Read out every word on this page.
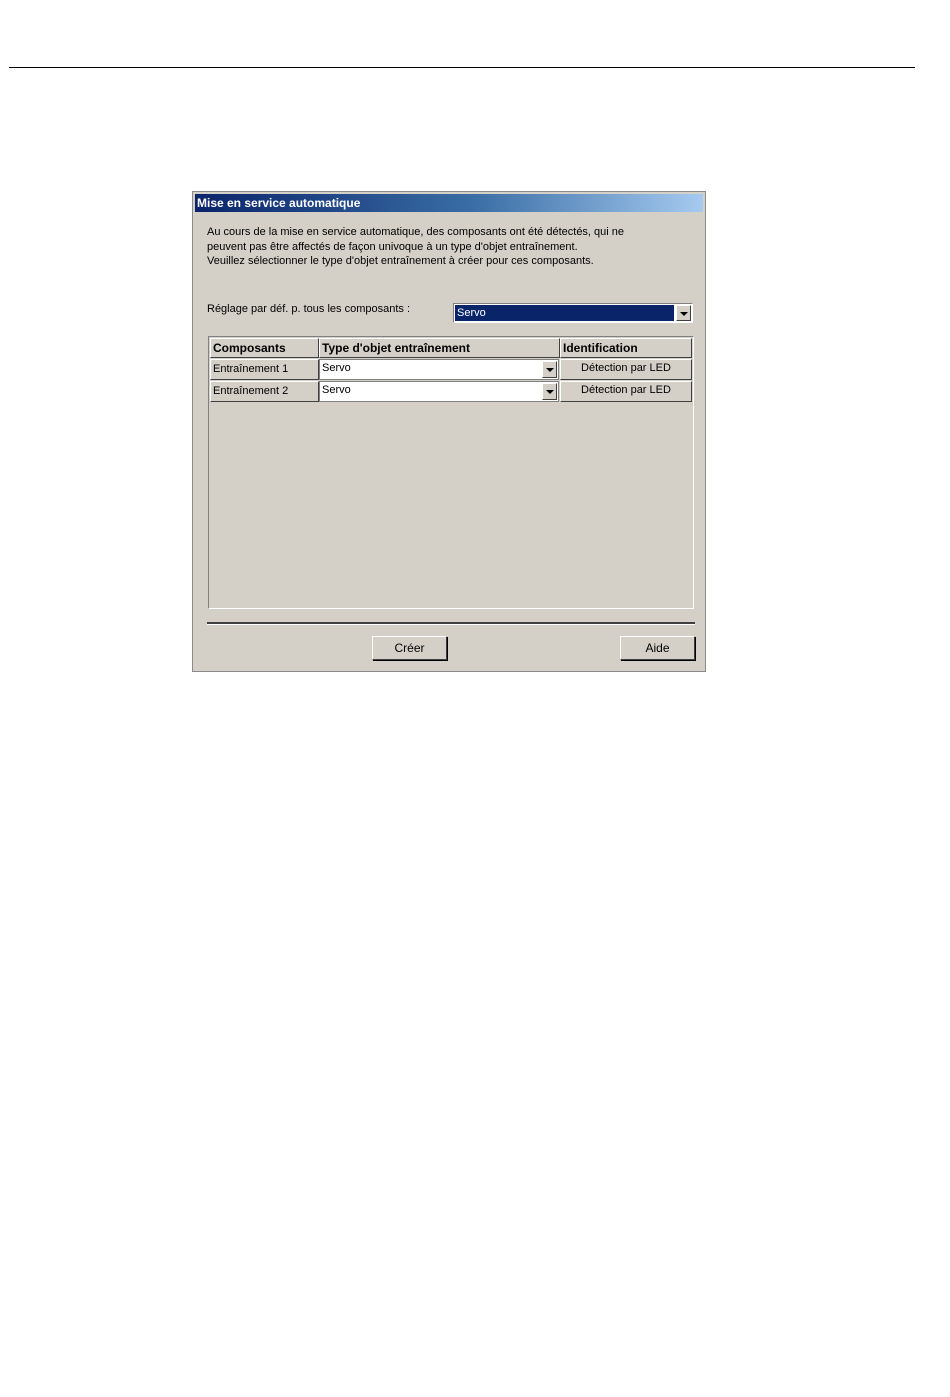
Mise en service automatique
Au cours de la mise en service automatique, des composants ont été détectés, qui ne
peuvent pas être affectés de façon univoque à un type d'objet entraînement.
Veuillez sélectionner le type d'objet entraînement à créer pour ces composants.
Réglage par déf. p. tous les composants :	Servo
Composants	Type d'objet entraînement	Identification
Entraînement 1	Servo	Détection par LED
Entraînement 2	Servo	Détection par LED
Créer	Aide
